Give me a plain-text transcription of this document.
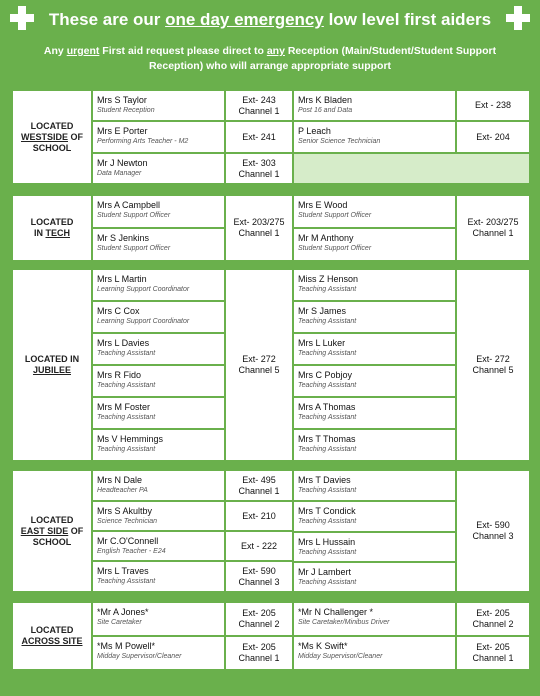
These are our one day emergency low level first aiders
Any urgent First aid request please direct to any Reception (Main/Student/Student Support Reception) who will arrange appropriate support
LOCATED
WESTSIDE OF SCHOOL
Mrs S Taylor
Student Reception
Ext- 243
Channel 1
Mrs E Porter
Performing Arts Teacher - M2	Ext- 241
Mr J Newton
Data Manager
Ext- 303
Channel 1
Mrs K Bladen
Post 16 and Data
Ext - 238
P Leach
Senior Science Technician	Ext- 204
LOCATED
IN TECH
Mrs A Campbell
Student Support Officer
Mr S Jenkins
Student Support Officer
Ext- 203/275
Channel 1
Mrs E Wood
Student Support Officer
Mr M Anthony
Student Support Officer
Ext- 203/275
Channel 1
LOCATED IN
JUBILEE
Mrs L Martin
Learning Support Coordinator
Mrs C Cox
Learning Support Coordinator
Mrs L Davies
Teaching Assistant
Mrs R Fido
Teaching Assistant
Mrs M Foster
Teaching Assistant
Ms V Hemmings
Teaching Assistant
Ext- 272
Channel 5
Miss Z Henson
Teaching Assistant
Mr S James
Teaching Assistant
Mrs L Luker
Teaching Assistant
Mrs C Pobjoy
Teaching Assistant
Mrs A Thomas
Teaching Assistant
Mrs T Thomas
Teaching Assistant
Ext- 272
Channel 5
LOCATED
EAST SIDE OF SCHOOL
Mrs N Dale
Headteacher PA
Ext- 495
Channel 1
Mrs S Akultby
Science Technician
Ext- 210
Mr C.O'Connell
English Teacher - E24
Ext - 222
Mrs L Traves
Teaching Assistant
Ext- 590
Channel 3
Mrs T Davies
Teaching Assistant
Mrs T Condick
Teaching Assistant
Mrs L Hussain
Teaching Assistant
Mr J Lambert
Teaching Assistant
Ext- 590
Channel 3
LOCATED
ACROSS SITE
*Mr A Jones*
Site Caretaker
Ext- 205
Channel 2
*Ms M Powell*
Midday Supervisor/Cleaner
Ext- 205
Channel 1
*Mr N Challenger *
Site Caretaker/Minibus Driver
Ext- 205
Channel 2
*Ms K Swift*
Midday Supervisor/Cleaner
Ext- 205
Channel 1
